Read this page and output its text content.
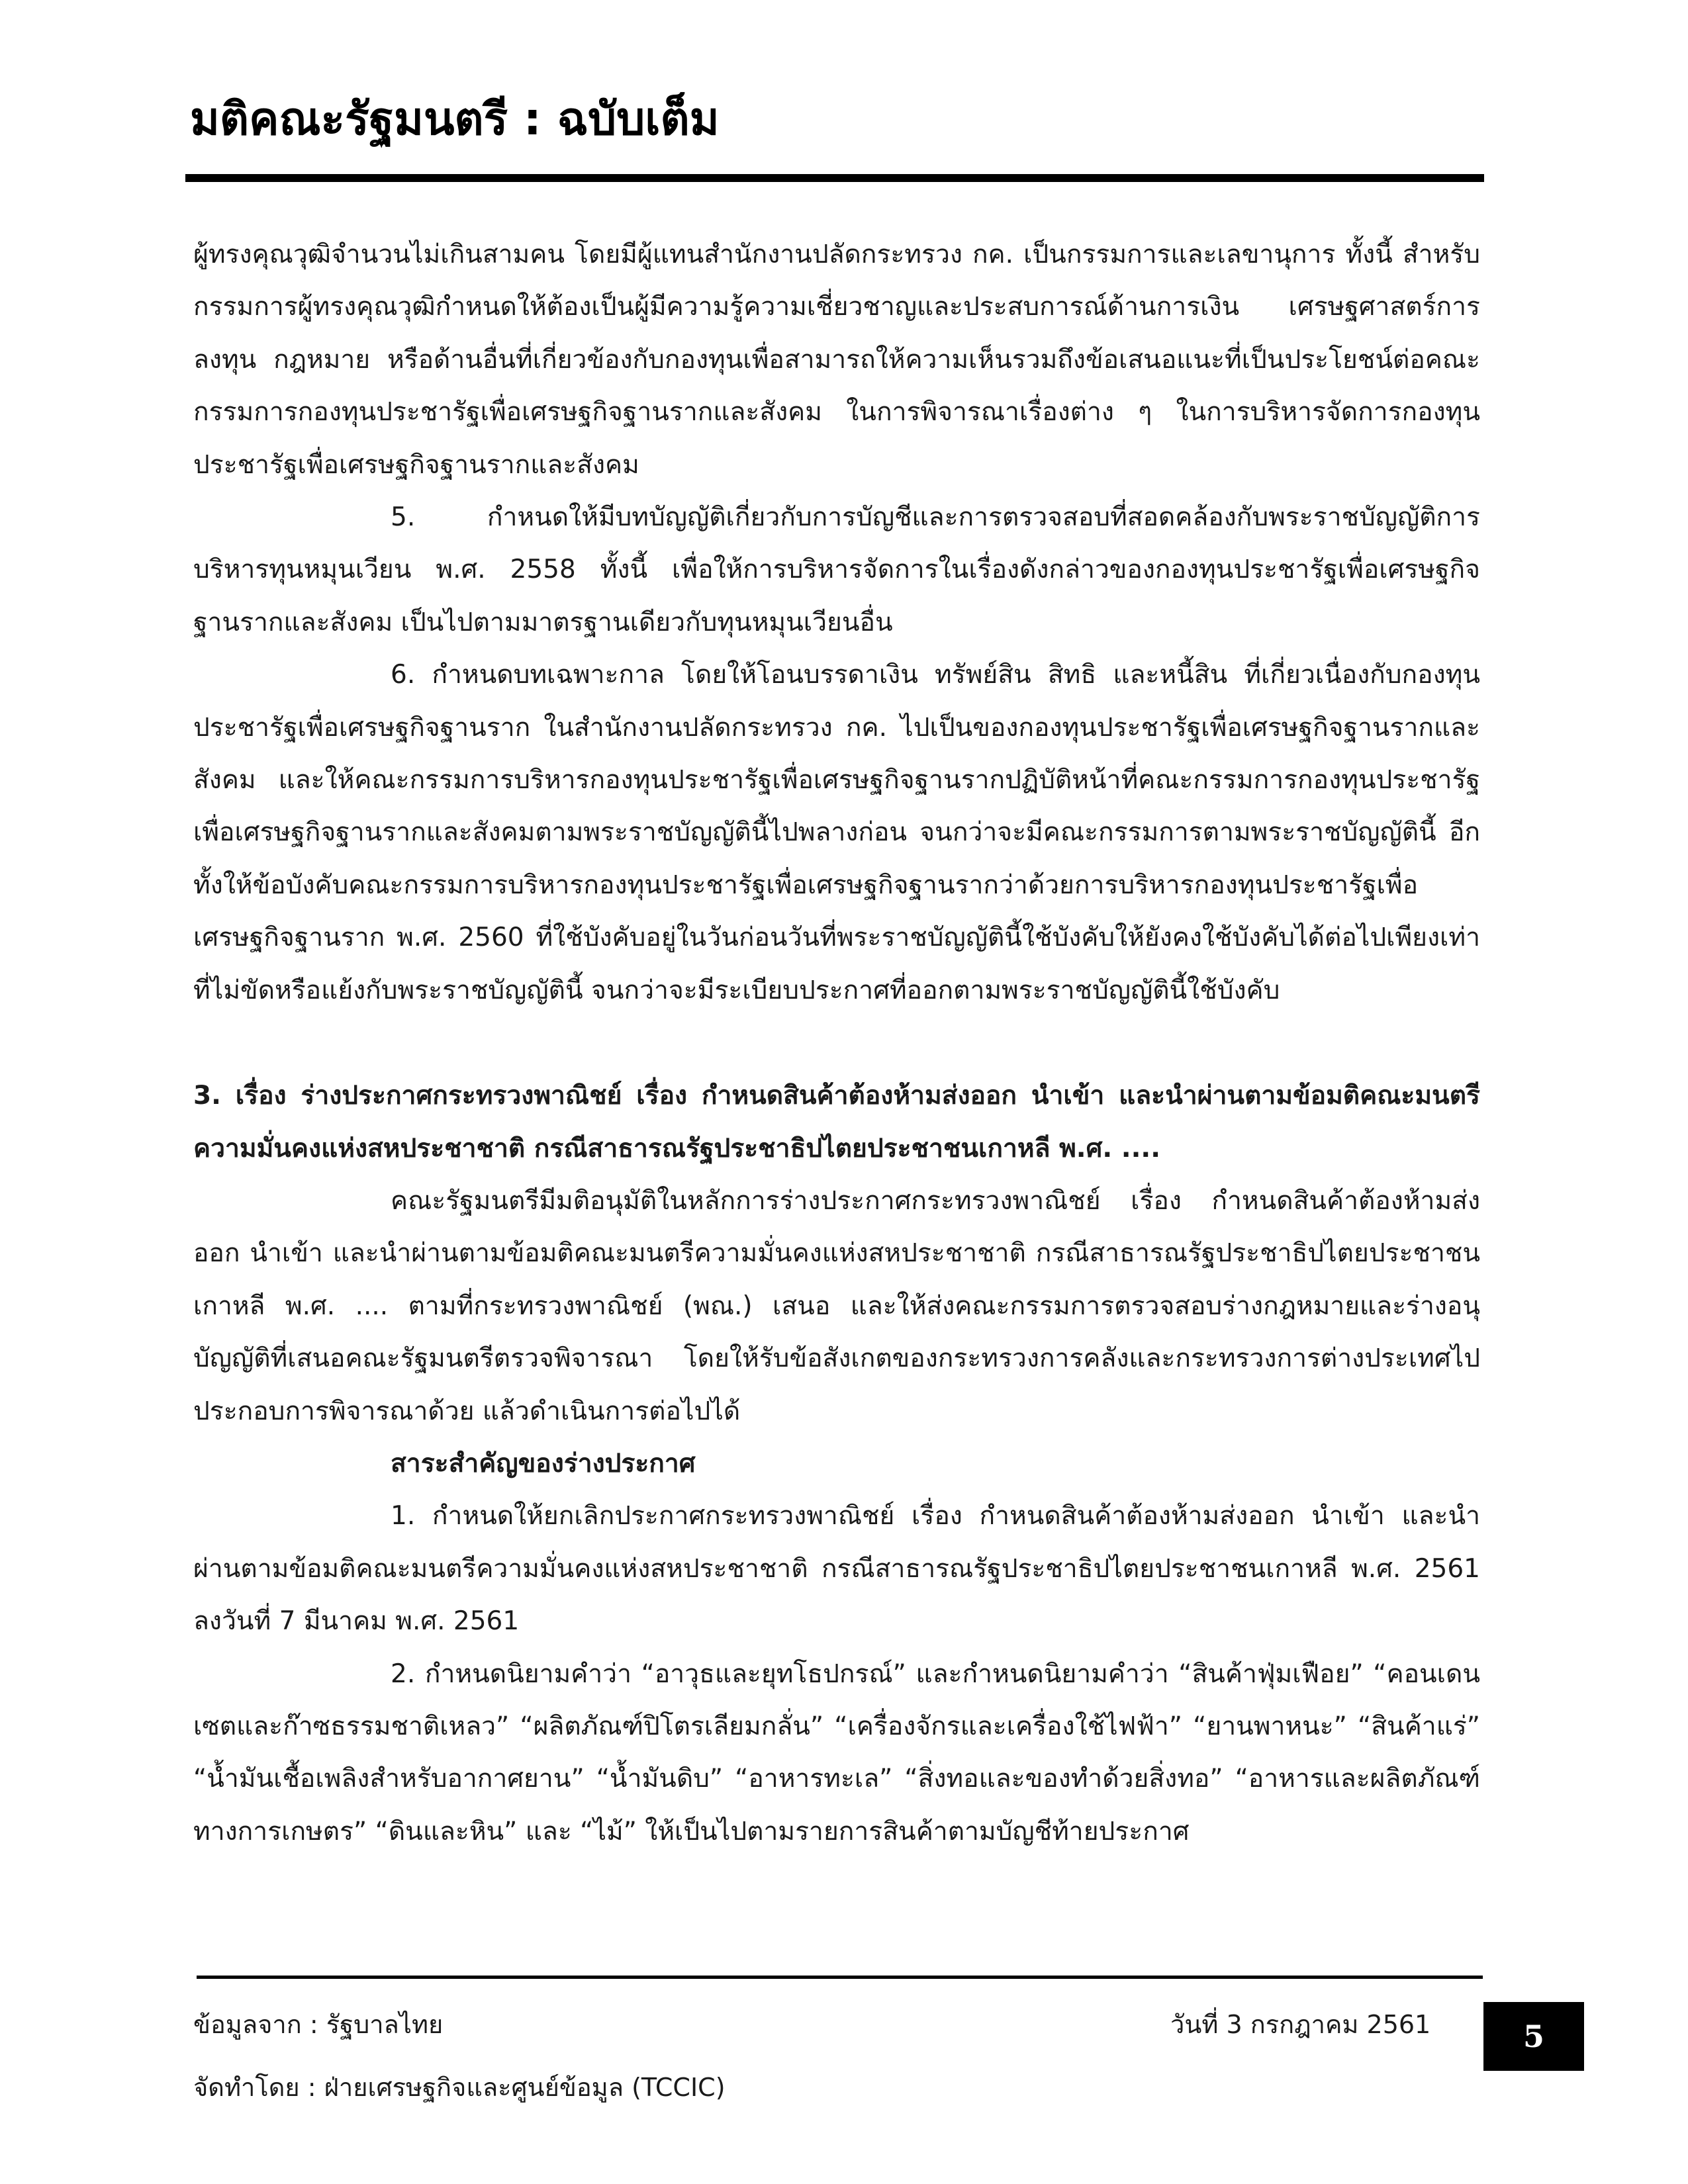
มติคณะรัฐมนตรี : ฉบับเต็ม

ผู้ทรงคุณวุฒิจำนวนไม่เกินสามคน โดยมีผู้แทนสำนักงานปลัดกระทรวง กค. เป็นกรรมการและเลขานุการ ทั้งนี้ สำหรับกรรมการผู้ทรงคุณวุฒิกำหนดให้ต้องเป็นผู้มีความรู้ความเชี่ยวชาญและประสบการณ์ด้านการเงิน เศรษฐศาสตร์การลงทุน กฎหมาย หรือด้านอื่นที่เกี่ยวข้องกับกองทุนเพื่อสามารถให้ความเห็นรวมถึงข้อเสนอแนะที่เป็นประโยชน์ต่อคณะกรรมการกองทุนประชารัฐเพื่อเศรษฐกิจฐานรากและสังคม ในการพิจารณาเรื่องต่าง ๆ ในการบริหารจัดการกองทุนประชารัฐเพื่อเศรษฐกิจฐานรากและสังคม

5. กำหนดให้มีบทบัญญัติเกี่ยวกับการบัญชีและการตรวจสอบที่สอดคล้องกับพระราชบัญญัติการบริหารทุนหมุนเวียน พ.ศ. 2558 ทั้งนี้ เพื่อให้การบริหารจัดการในเรื่องดังกล่าวของกองทุนประชารัฐเพื่อเศรษฐกิจฐานรากและสังคม เป็นไปตามมาตรฐานเดียวกับทุนหมุนเวียนอื่น

6. กำหนดบทเฉพาะกาล โดยให้โอนบรรดาเงิน ทรัพย์สิน สิทธิ และหนี้สิน ที่เกี่ยวเนื่องกับกองทุนประชารัฐเพื่อเศรษฐกิจฐานราก ในสำนักงานปลัดกระทรวง กค. ไปเป็นของกองทุนประชารัฐเพื่อเศรษฐกิจฐานรากและสังคม และให้คณะกรรมการบริหารกองทุนประชารัฐเพื่อเศรษฐกิจฐานรากปฏิบัติหน้าที่คณะกรรมการกองทุนประชารัฐเพื่อเศรษฐกิจฐานรากและสังคมตามพระราชบัญญัตินี้ไปพลางก่อน จนกว่าจะมีคณะกรรมการตามพระราชบัญญัตินี้ อีกทั้งให้ข้อบังคับคณะกรรมการบริหารกองทุนประชารัฐเพื่อเศรษฐกิจฐานรากว่าด้วยการบริหารกองทุนประชารัฐเพื่อเศรษฐกิจฐานราก พ.ศ. 2560 ที่ใช้บังคับอยู่ในวันก่อนวันที่พระราชบัญญัตินี้ใช้บังคับให้ยังคงใช้บังคับได้ต่อไปเพียงเท่าที่ไม่ขัดหรือแย้งกับพระราชบัญญัตินี้ จนกว่าจะมีระเบียบประกาศที่ออกตามพระราชบัญญัตินี้ใช้บังคับ

3. เรื่อง ร่างประกาศกระทรวงพาณิชย์ เรื่อง กำหนดสินค้าต้องห้ามส่งออก นำเข้า และนำผ่านตามข้อมติคณะมนตรีความมั่นคงแห่งสหประชาชาติ กรณีสาธารณรัฐประชาธิปไตยประชาชนเกาหลี พ.ศ. ....

คณะรัฐมนตรีมีมติอนุมัติในหลักการร่างประกาศกระทรวงพาณิชย์ เรื่อง กำหนดสินค้าต้องห้ามส่งออก นำเข้า และนำผ่านตามข้อมติคณะมนตรีความมั่นคงแห่งสหประชาชาติ กรณีสาธารณรัฐประชาธิปไตยประชาชนเกาหลี พ.ศ. .... ตามที่กระทรวงพาณิชย์ (พณ.) เสนอ และให้ส่งคณะกรรมการตรวจสอบร่างกฎหมายและร่างอนุบัญญัติที่เสนอคณะรัฐมนตรีตรวจพิจารณา โดยให้รับข้อสังเกตของกระทรวงการคลังและกระทรวงการต่างประเทศไปประกอบการพิจารณาด้วย แล้วดำเนินการต่อไปได้

สาระสำคัญของร่างประกาศ

1. กำหนดให้ยกเลิกประกาศกระทรวงพาณิชย์ เรื่อง กำหนดสินค้าต้องห้ามส่งออก นำเข้า และนำผ่านตามข้อมติคณะมนตรีความมั่นคงแห่งสหประชาชาติ กรณีสาธารณรัฐประชาธิปไตยประชาชนเกาหลี พ.ศ. 2561 ลงวันที่ 7 มีนาคม พ.ศ. 2561

2. กำหนดนิยามคำว่า “อาวุธและยุทโธปกรณ์” และกำหนดนิยามคำว่า “สินค้าฟุ่มเฟือย” “คอนเดนเซตและก๊าซธรรมชาติเหลว” “ผลิตภัณฑ์ปิโตรเลียมกลั่น” “เครื่องจักรและเครื่องใช้ไฟฟ้า” “ยานพาหนะ” “สินค้าแร่” “น้ำมันเชื้อเพลิงสำหรับอากาศยาน” “น้ำมันดิบ” “อาหารทะเล” “สิ่งทอและของทำด้วยสิ่งทอ” “อาหารและผลิตภัณฑ์ทางการเกษตร” “ดินและหิน” และ “ไม้” ให้เป็นไปตามรายการสินค้าตามบัญชีท้ายประกาศ

ข้อมูลจาก : รัฐบาลไทย	วันที่ 3 กรกฎาคม 2561
จัดทำโดย : ฝ่ายเศรษฐกิจและศูนย์ข้อมูล (TCCIC)
5
